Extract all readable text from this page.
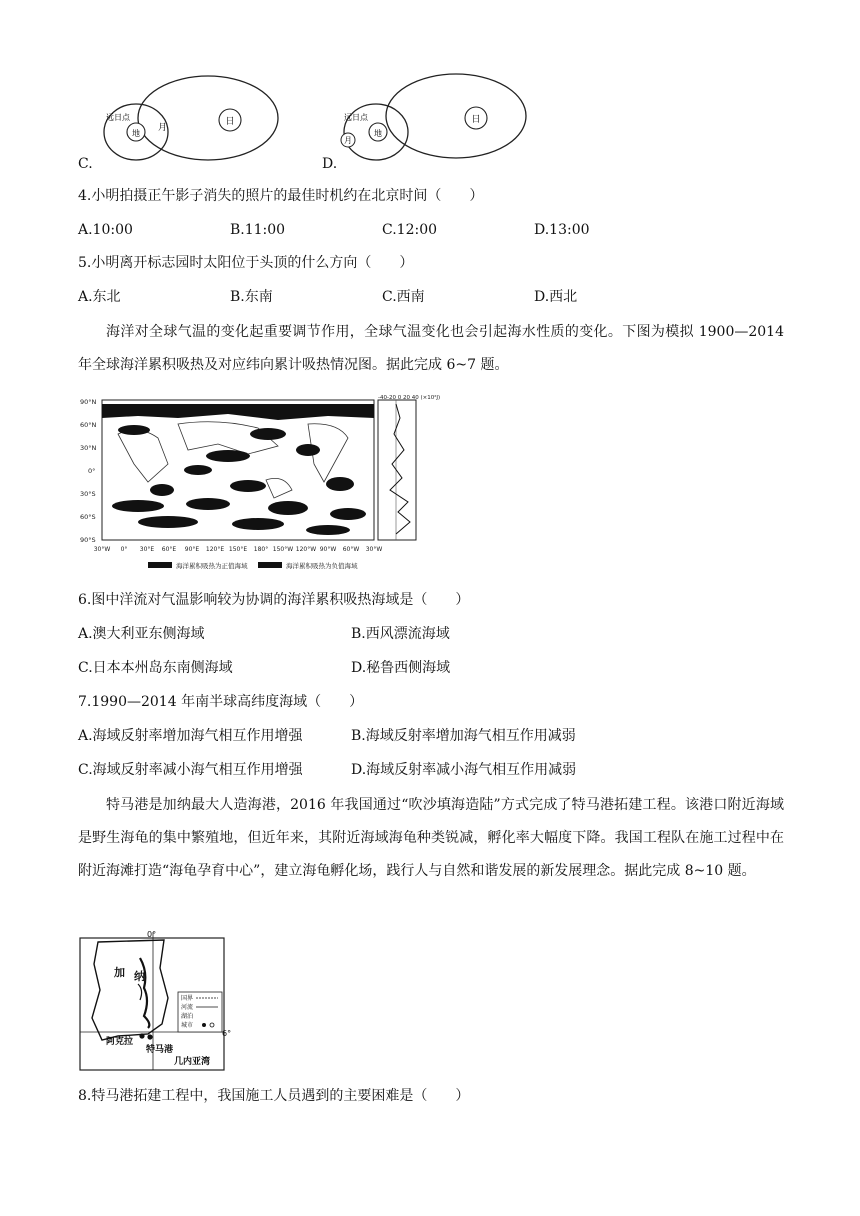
日
地
月
远日点
C.
日
地
月
远日点
D.
4.小明拍摄正午影子消失的照片的最佳时机约在北京时间（　　）
A.10:00	B.11:00	C.12:00	D.13:00
5.小明离开标志园时太阳位于头顶的什么方向（　　）
A.东北	B.东南	C.西南	D.西北
海洋对全球气温的变化起重要调节作用，全球气温变化也会引起海水性质的变化。下图为模拟 1900—2014 年全球海洋累积吸热及对应纬向累计吸热情况图。据此完成 6~7 题。
90°N
60°N
30°N
0°
30°S
60°S
90°S
30°W 0° 30°E 60°E 90°E 120°E 150°E 180° 150°W 120°W 90°W 60°W 30°W
-40-20 0 20 40 (×10²J)
海洋累积吸热为正值海域	海洋累积吸热为负值海域
6.图中洋流对气温影响较为协调的海洋累积吸热海域是（　　）
A.澳大利亚东侧海域	B.西风漂流海域
C.日本本州岛东南侧海域	D.秘鲁西侧海域
7.1990—2014 年南半球高纬度海域（　　）
A.海域反射率增加海气相互作用增强	B.海域反射率增加海气相互作用减弱
C.海域反射率减小海气相互作用增强	D.海域反射率减小海气相互作用减弱
特马港是加纳最大人造海港，2016 年我国通过“吹沙填海造陆”方式完成了特马港拓建工程。该港口附近海域是野生海龟的集中繁殖地，但近年来，其附近海域海龟种类锐减，孵化率大幅度下降。我国工程队在施工过程中在附近海滩打造“海龟孕育中心”，建立海龟孵化场，践行人与自然和谐发展的新发展理念。据此完成 8~10 题。
0°
6°
加 纳
阿克拉
特马港
几内亚湾
国界
河流
湖泊
城市
8.特马港拓建工程中，我国施工人员遇到的主要困难是（　　）
